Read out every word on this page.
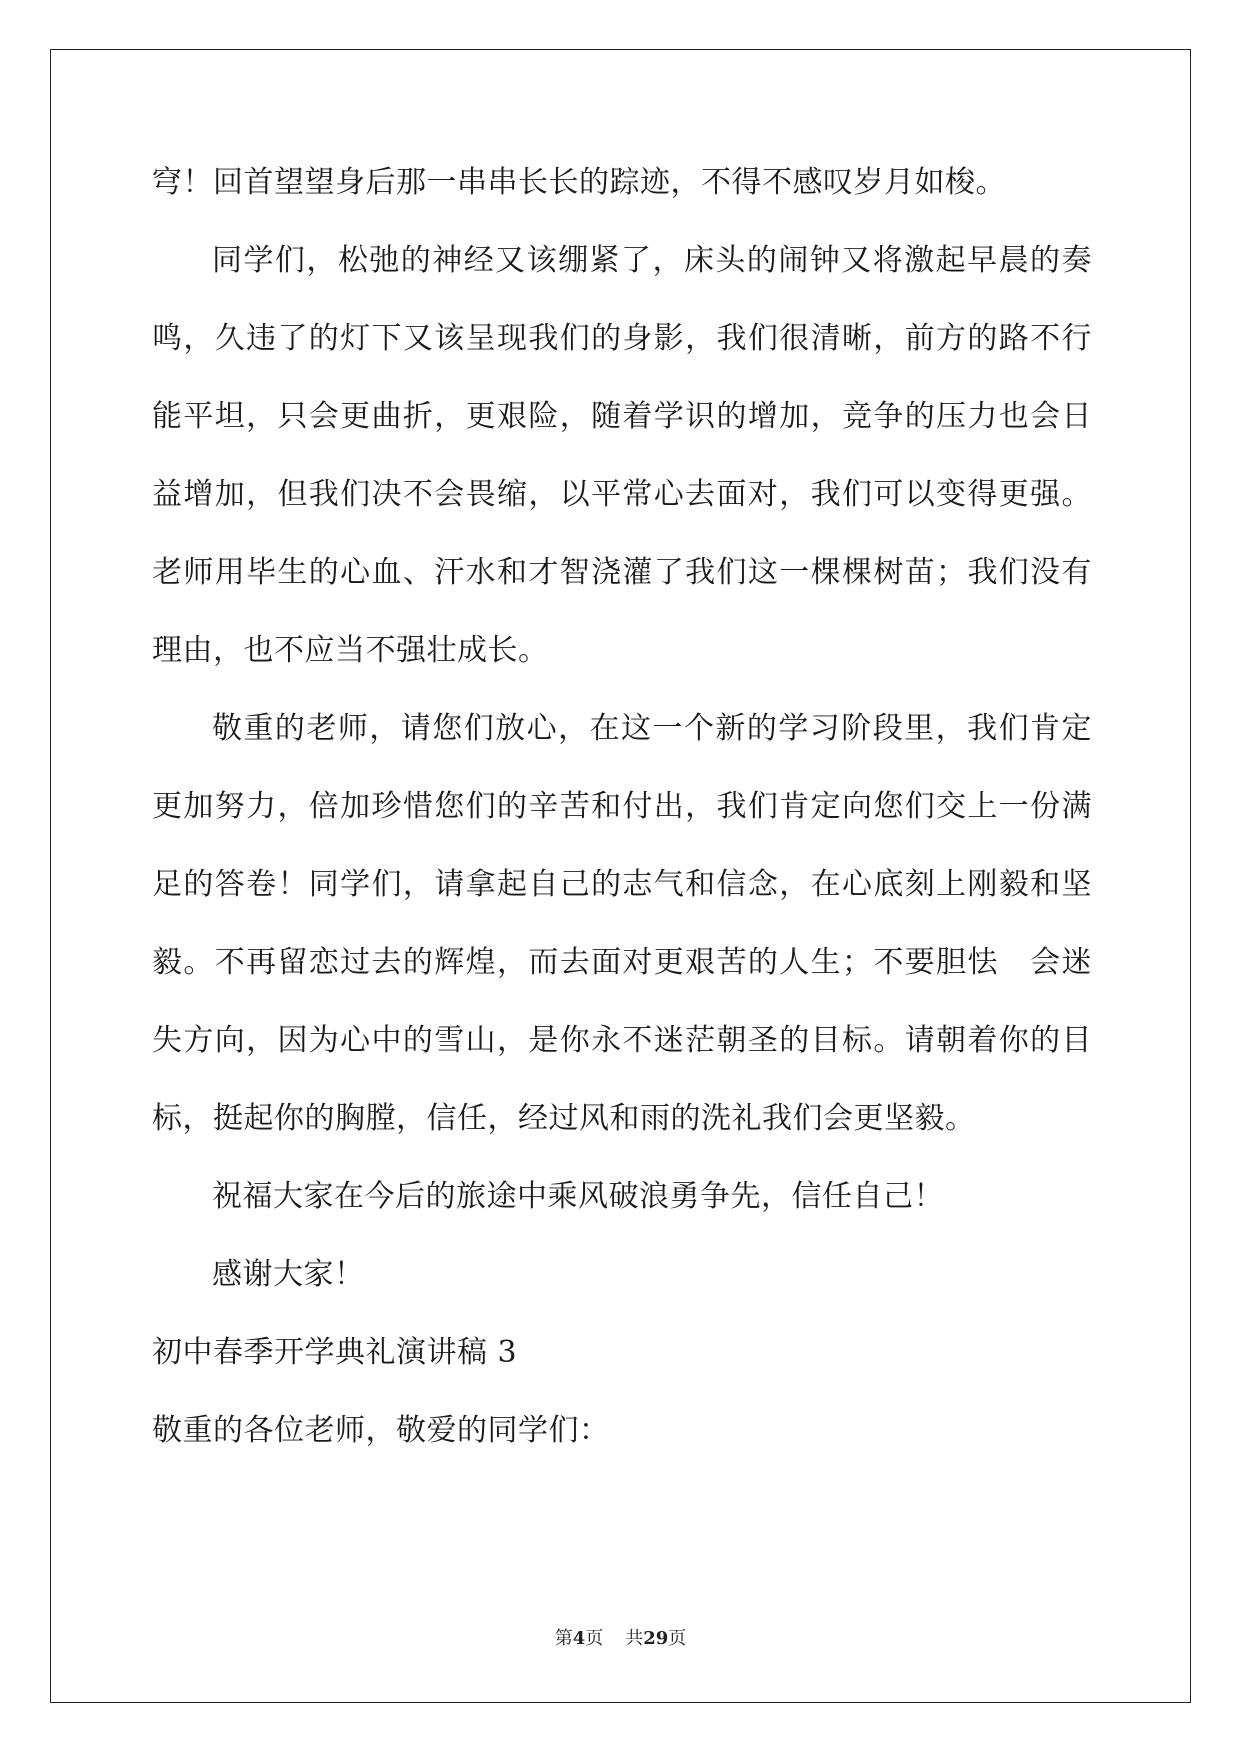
穹！回首望望身后那一串串长长的踪迹，不得不感叹岁月如梭。
同学们，松弛的神经又该绷紧了，床头的闹钟又将激起早晨的奏
鸣，久违了的灯下又该呈现我们的身影，我们很清晰，前方的路不行
能平坦，只会更曲折，更艰险，随着学识的增加，竞争的压力也会日
益增加，但我们决不会畏缩，以平常心去面对，我们可以变得更强。
老师用毕生的心血、汗水和才智浇灌了我们这一棵棵树苗；我们没有
理由，也不应当不强壮成长。
敬重的老师，请您们放心，在这一个新的学习阶段里，我们肯定
更加努力，倍加珍惜您们的辛苦和付出，我们肯定向您们交上一份满
足的答卷！同学们，请拿起自己的志气和信念，在心底刻上刚毅和坚
毅。不再留恋过去的辉煌，而去面对更艰苦的人生；不要胆怯　会迷
失方向，因为心中的雪山，是你永不迷茫朝圣的目标。请朝着你的目
标，挺起你的胸膛，信任，经过风和雨的洗礼我们会更坚毅。
祝福大家在今后的旅途中乘风破浪勇争先，信任自己！
感谢大家！
初中春季开学典礼演讲稿 3
敬重的各位老师，敬爱的同学们：
第4页 共29页
